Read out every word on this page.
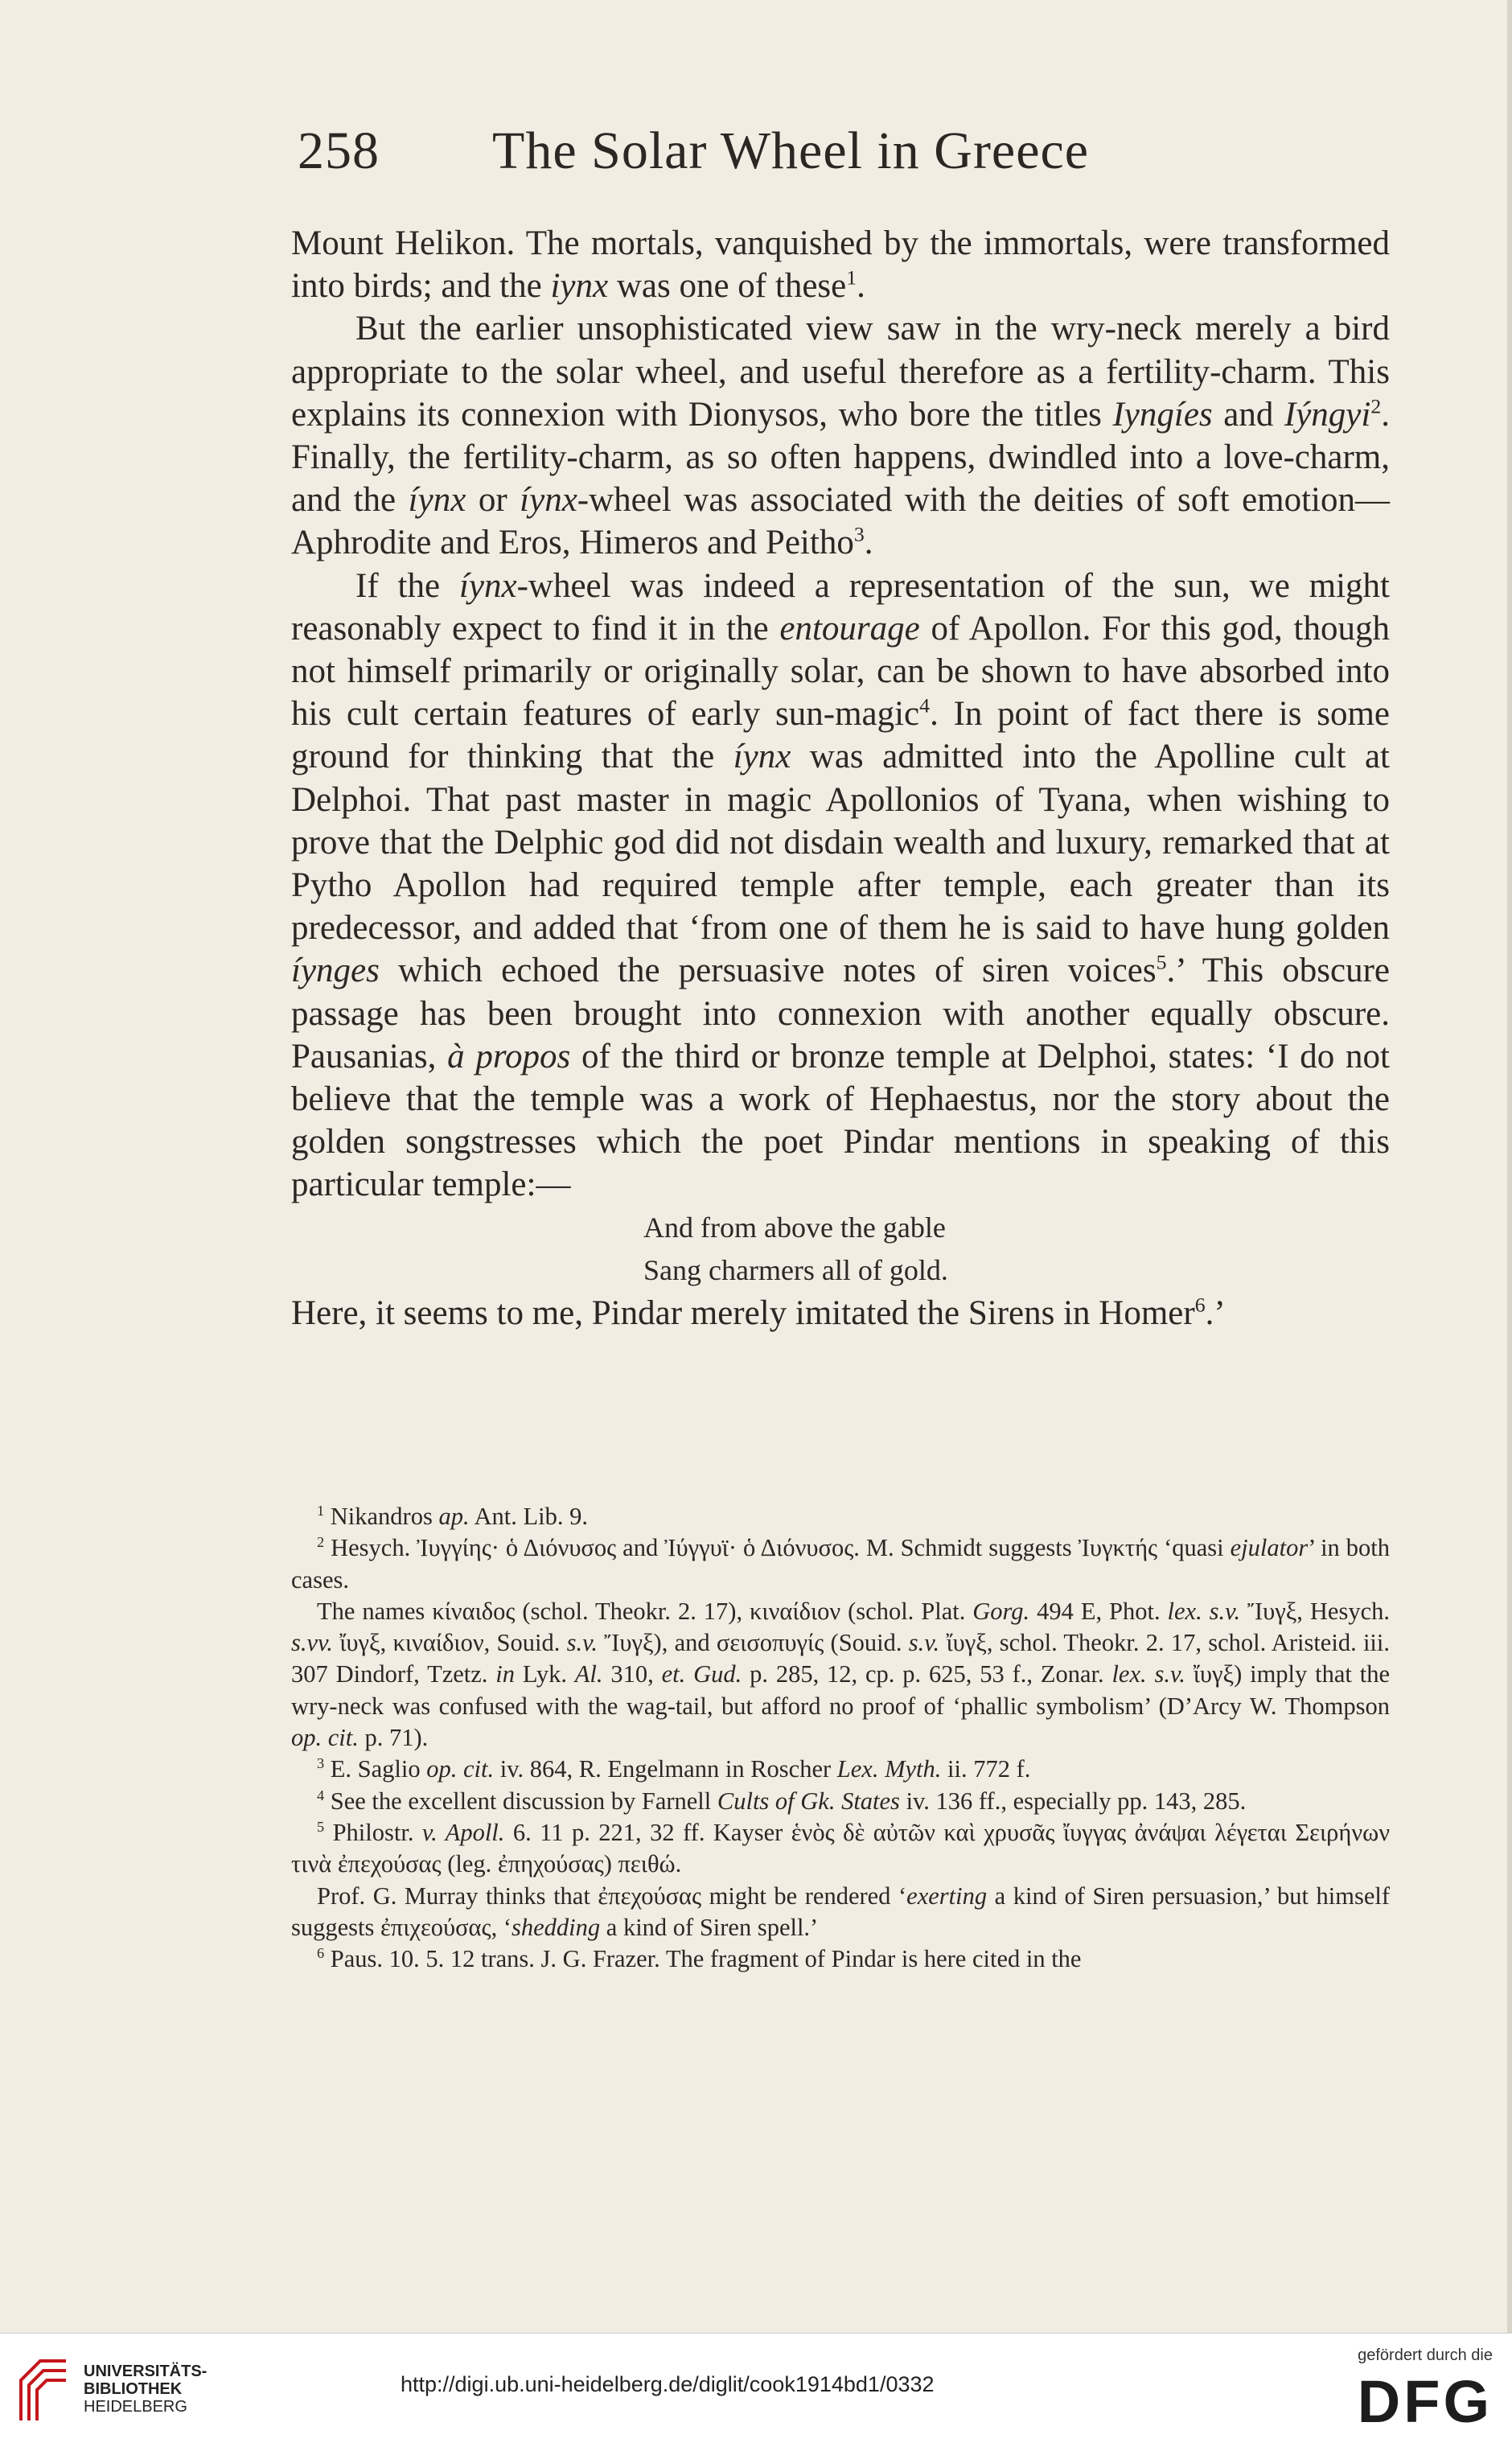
258 The Solar Wheel in Greece

Mount Helikon. The mortals, vanquished by the immortals, were transformed into birds; and the iynx was one of these$^1$.

But the earlier unsophisticated view saw in the wry-neck merely a bird appropriate to the solar wheel, and useful therefore as a fertility-charm. This explains its connexion with Dionysos, who bore the titles Iyngíes and Iýngyi$^2$. Finally, the fertility-charm, as so often happens, dwindled into a love-charm, and the íynx or íynx-wheel was associated with the deities of soft emotion—Aphrodite and Eros, Himeros and Peitho$^3$.

If the íynx-wheel was indeed a representation of the sun, we might reasonably expect to find it in the entourage of Apollon. For this god, though not himself primarily or originally solar, can be shown to have absorbed into his cult certain features of early sun-magic$^4$. In point of fact there is some ground for thinking that the íynx was admitted into the Apolline cult at Delphoi. That past master in magic Apollonios of Tyana, when wishing to prove that the Delphic god did not disdain wealth and luxury, remarked that at Pytho Apollon had required temple after temple, each greater than its predecessor, and added that ‘from one of them he is said to have hung golden íynges which echoed the persuasive notes of siren voices$^5$.’ This obscure passage has been brought into connexion with another equally obscure. Pausanias, à propos of the third or bronze temple at Delphoi, states: ‘I do not believe that the temple was a work of Hephaestus, nor the story about the golden songstresses which the poet Pindar mentions in speaking of this particular temple:—

And from above the gable
Sang charmers all of gold.

Here, it seems to me, Pindar merely imitated the Sirens in Homer$^6$.’

$^1$ Nikandros ap. Ant. Lib. 9.

$^2$ Hesych. Ἰυγγίης· ὁ Διόνυσος and Ἰύγγυϊ· ὁ Διόνυσος. M. Schmidt suggests Ἰυγκτής ‘quasi ejulator’ in both cases.

The names κίναιδος (schol. Theokr. 2. 17), κιναίδιον (schol. Plat. Gorg. 494 E, Phot. lex. s.v. Ἴυγξ, Hesych. s.vv. ἴυγξ, κιναίδιον, Souid. s.v. Ἴυγξ), and σεισοπυγίς (Souid. s.v. ἴυγξ, schol. Theokr. 2. 17, schol. Aristeid. iii. 307 Dindorf, Tzetz. in Lyk. Al. 310, et. Gud. p. 285, 12, cp. p. 625, 53 f., Zonar. lex. s.v. ἴυγξ) imply that the wry-neck was confused with the wag-tail, but afford no proof of ‘phallic symbolism’ (D’Arcy W. Thompson op. cit. p. 71).

$^3$ E. Saglio op. cit. iv. 864, R. Engelmann in Roscher Lex. Myth. ii. 772 f.

$^4$ See the excellent discussion by Farnell Cults of Gk. States iv. 136 ff., especially pp. 143, 285.

$^5$ Philostr. v. Apoll. 6. 11 p. 221, 32 ff. Kayser ἑνὸς δὲ αὐτῶν καὶ χρυσᾶς ἴυγγας ἀνάψαι λέγεται Σειρήνων τινὰ ἐπεχούσας (leg. ἐπηχούσας) πειθώ.

Prof. G. Murray thinks that ἐπεχούσας might be rendered ‘exerting a kind of Siren persuasion,’ but himself suggests ἐπιχεούσας, ‘shedding a kind of Siren spell.’

$^6$ Paus. 10. 5. 12 trans. J. G. Frazer. The fragment of Pindar is here cited in the

UNIVERSITÄTS-
BIBLIOTHEK
HEIDELBERG
http://digi.ub.uni-heidelberg.de/diglit/cook1914bd1/0332
gefördert durch die
DFG
